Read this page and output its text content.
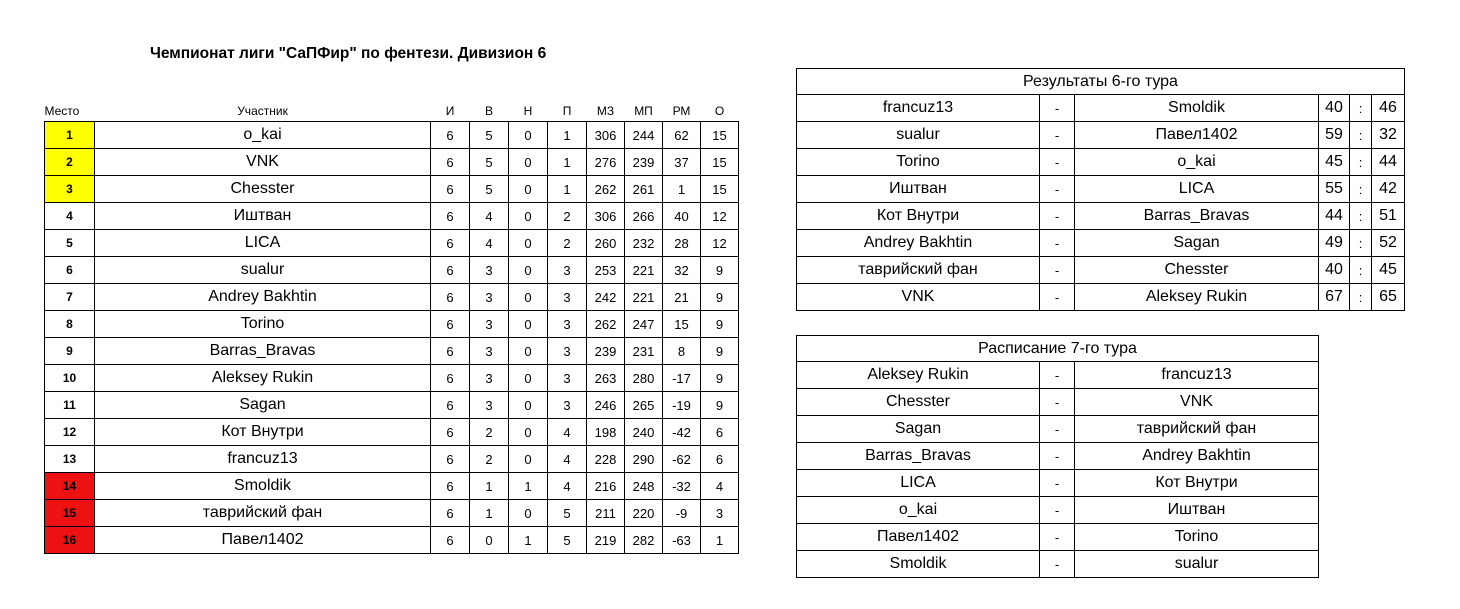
Чемпионат лиги "СаПФир" по фентези. Дивизион 6
Место	Участник	И	В	Н	П	МЗ	МП	РМ	О
1	o_kai	6	5	0	1	306	244	62	15
2	VNK	6	5	0	1	276	239	37	15
3	Chesster	6	5	0	1	262	261	1	15
4	Иштван	6	4	0	2	306	266	40	12
5	LICA	6	4	0	2	260	232	28	12
6	sualur	6	3	0	3	253	221	32	9
7	Andrey Bakhtin	6	3	0	3	242	221	21	9
8	Torino	6	3	0	3	262	247	15	9
9	Barras_Bravas	6	3	0	3	239	231	8	9
10	Aleksey Rukin	6	3	0	3	263	280	-17	9
11	Sagan	6	3	0	3	246	265	-19	9
12	Кот Внутри	6	2	0	4	198	240	-42	6
13	francuz13	6	2	0	4	228	290	-62	6
14	Smoldik	6	1	1	4	216	248	-32	4
15	таврийский фан	6	1	0	5	211	220	-9	3
16	Павел1402	6	0	1	5	219	282	-63	1
Результаты 6-го тура					
francuz13	-	Smoldik	40	:	46
sualur	-	Павел1402	59	:	32
Torino	-	o_kai	45	:	44
Иштван	-	LICA	55	:	42
Кот Внутри	-	Barras_Bravas	44	:	51
Andrey Bakhtin	-	Sagan	49	:	52
таврийский фан	-	Chesster	40	:	45
VNK	-	Aleksey Rukin	67	:	65
Расписание 7-го тура		
Aleksey Rukin	-	francuz13
Chesster	-	VNK
Sagan	-	таврийский фан
Barras_Bravas	-	Andrey Bakhtin
LICA	-	Кот Внутри
o_kai	-	Иштван
Павел1402	-	Torino
Smoldik	-	sualur
